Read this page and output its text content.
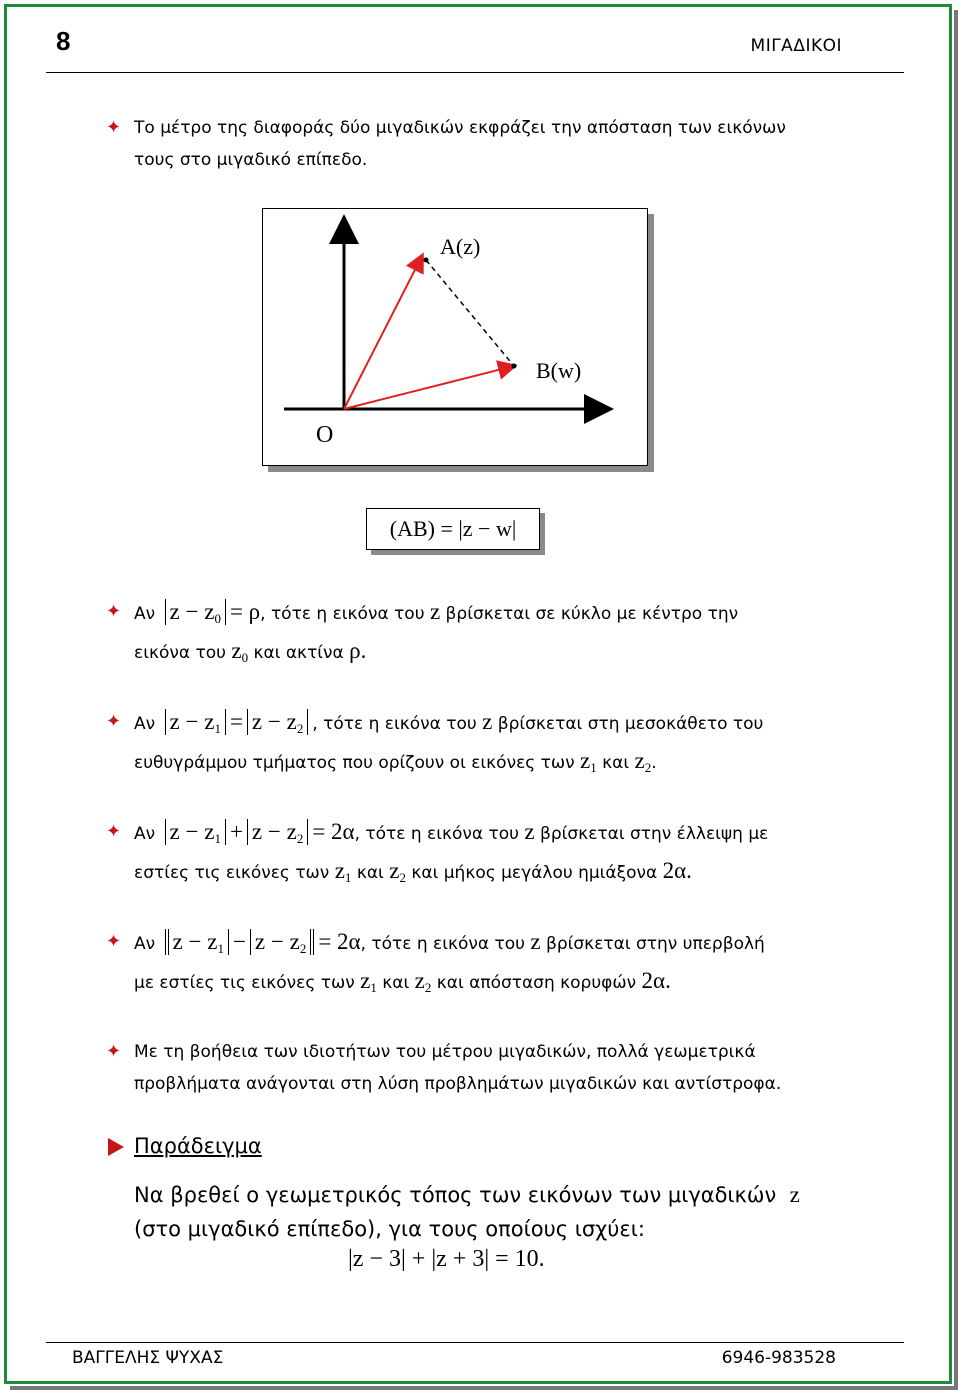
8	ΜΙΓΑΔΙΚΟΙ
✦ Το μέτρο της διαφοράς δύο μιγαδικών εκφράζει την απόσταση των εικόνων
τους στο μιγαδικό επίπεδο.
A(z)
B(w)
O
(AB) = |z − w|
✦ Αν $z - z_0 = \rho$, τότε η εικόνα του z βρίσκεται σε κύκλο με κέντρο την
εικόνα του $z_0$ και ακτίνα ρ.
✦ Αν $z - z_1 = z - z_2$ , τότε η εικόνα του z βρίσκεται στη μεσοκάθετο του
ευθυγράμμου τμήματος που ορίζουν οι εικόνες των $z_1$ και $z_2$.
✦ Αν $z - z_1 + z - z_2 = 2\alpha$, τότε η εικόνα του z βρίσκεται στην έλλειψη με
εστίες τις εικόνες των $z_1$ και $z_2$ και μήκος μεγάλου ημιάξονα 2α.
✦ Αν $z - z_1 - z - z_2 = 2\alpha$, τότε η εικόνα του z βρίσκεται στην υπερβολή
με εστίες τις εικόνες των $z_1$ και $z_2$ και απόσταση κορυφών 2α.
✦ Με τη βοήθεια των ιδιοτήτων του μέτρου μιγαδικών, πολλά γεωμετρικά
προβλήματα ανάγονται στη λύση προβλημάτων μιγαδικών και αντίστροφα.
Παράδειγμα
Να βρεθεί ο γεωμετρικός τόπος των εικόνων των μιγαδικών z
(στο μιγαδικό επίπεδο), για τους οποίους ισχύει:
|z − 3| + |z + 3| = 10.
ΒΑΓΓΕΛΗΣ ΨΥΧΑΣ	6946-983528
